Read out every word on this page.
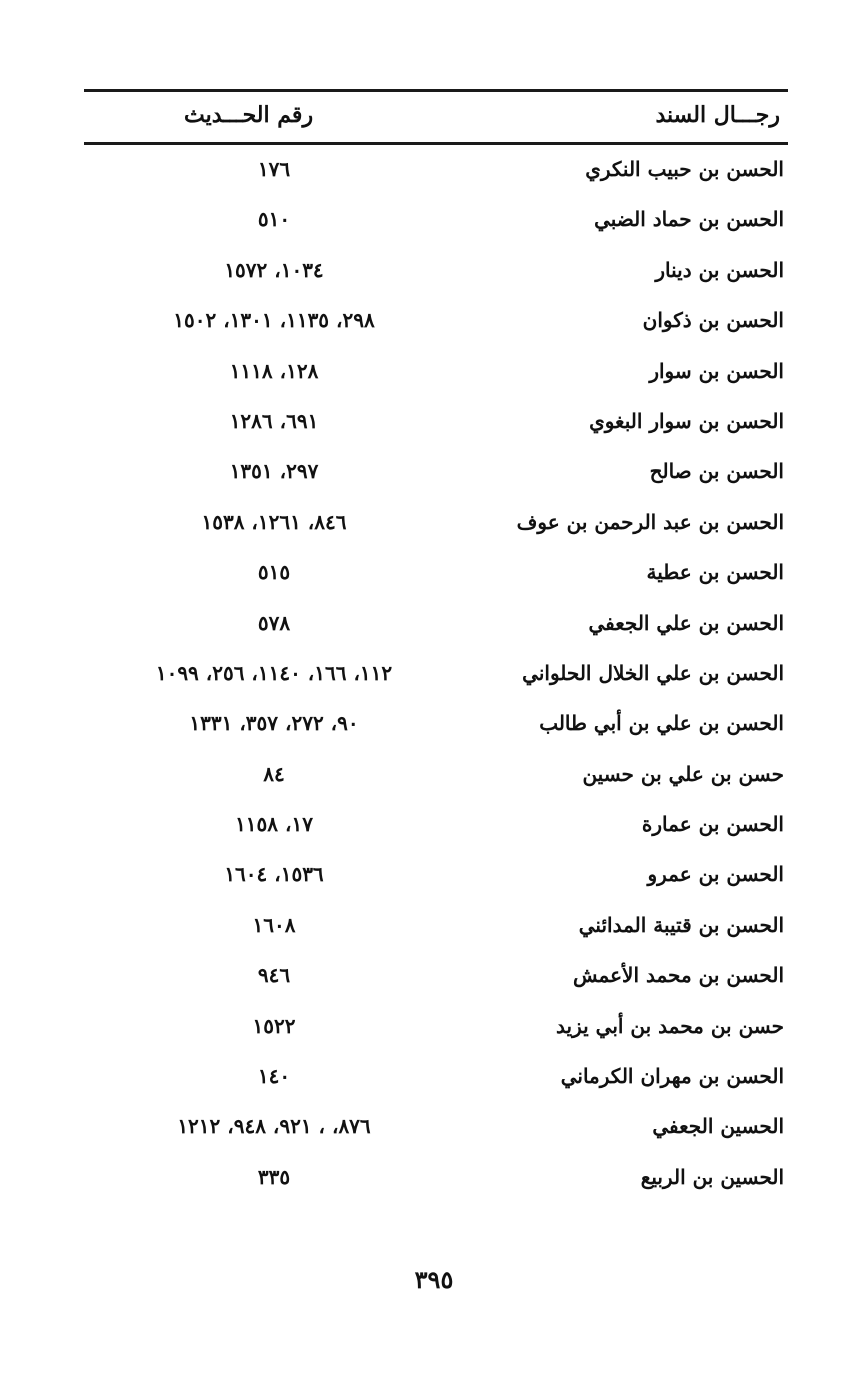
رجـــال السند
رقم الحـــديث
الحسن بن حبيب النكري
١٧٦
الحسن بن حماد الضبي
٥١٠
الحسن بن دينار
١٠٣٤، ١٥٧٢
الحسن بن ذكوان
٢٩٨، ١١٣٥، ١٣٠١، ١٥٠٢
الحسن بن سوار
١٢٨، ١١١٨
الحسن بن سوار البغوي
٦٩١، ١٢٨٦
الحسن بن صالح
٢٩٧، ١٣٥١
الحسن بن عبد الرحمن بن عوف
٨٤٦، ١٢٦١، ١٥٣٨
الحسن بن عطية
٥١٥
الحسن بن علي الجعفي
٥٧٨
الحسن بن علي الخلال الحلواني
١١٢، ١٦٦، ١١٤٠، ٢٥٦، ١٠٩٩
الحسن بن علي بن أبي طالب
٩٠، ٢٧٢، ٣٥٧، ١٣٣١
حسن بن علي بن حسين
٨٤
الحسن بن عمارة
١٧، ١١٥٨
الحسن بن عمرو
١٥٣٦، ١٦٠٤
الحسن بن قتيبة المدائني
١٦٠٨
الحسن بن محمد الأعمش
٩٤٦
حسن بن محمد بن أبي يزيد
١٥٢٢
الحسن بن مهران الكرماني
١٤٠
الحسين الجعفي
٨٧٦، ، ٩٢١، ٩٤٨، ١٢١٢
الحسين بن الربيع
٣٣٥
٣٩٥
